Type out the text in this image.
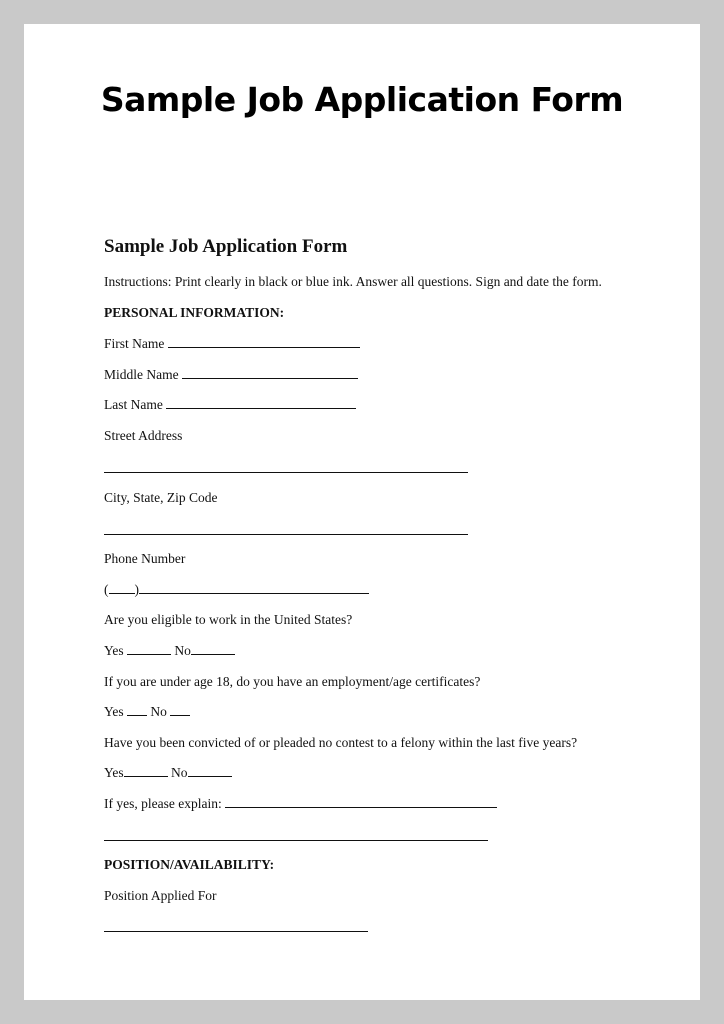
Sample Job Application Form
Sample Job Application Form
Instructions: Print clearly in black or blue ink. Answer all questions. Sign and date the form.
PERSONAL INFORMATION:
First Name
Middle Name
Last Name
Street Address
City, State, Zip Code
Phone Number
( )
Are you eligible to work in the United States?
Yes	No
If you are under age 18, do you have an employment/age certificates?
Yes No
Have you been convicted of or pleaded no contest to a felony within the last five years?
Yes	No
If yes, please explain:
POSITION/AVAILABILITY:
Position Applied For
